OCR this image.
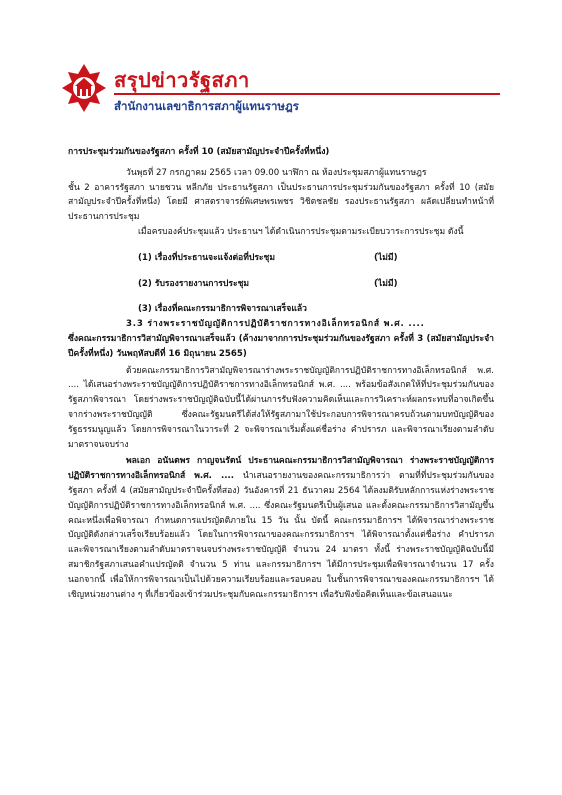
สรุปข่าวรัฐสภา
สำนักงานเลขาธิการสภาผู้แทนราษฎร

การประชุมร่วมกันของรัฐสภา ครั้งที่ 10 (สมัยสามัญประจำปีครั้งที่หนึ่ง)

วันพุธที่ 27 กรกฎาคม 2565 เวลา 09.00 นาฬิกา ณ ห้องประชุมสภาผู้แทนราษฎร

ชั้น 2 อาคารรัฐสภา นายชวน หลีกภัย ประธานรัฐสภา เป็นประธานการประชุมร่วมกันของรัฐสภา ครั้งที่ 10 (สมัยสามัญประจำปีครั้งที่หนึ่ง) โดยมี ศาสตราจารย์พิเศษพรเพชร วิชิตชลชัย รองประธานรัฐสภา ผลัดเปลี่ยนทำหน้าที่ประธานการประชุม

เมื่อครบองค์ประชุมแล้ว ประธานฯ ได้ดำเนินการประชุมตามระเบียบวาระการประชุม ดังนี้

(1) เรื่องที่ประธานจะแจ้งต่อที่ประชุม	(ไม่มี)

(2) รับรองรายงานการประชุม	(ไม่มี)

(3) เรื่องที่คณะกรรมาธิการพิจารณาเสร็จแล้ว

3.3 ร่างพระราชบัญญัติการปฏิบัติราชการทางอิเล็กทรอนิกส์ พ.ศ. ....

ซึ่งคณะกรรมาธิการวิสามัญพิจารณาเสร็จแล้ว (ค้างมาจากการประชุมร่วมกันของรัฐสภา ครั้งที่ 3 (สมัยสามัญประจำปีครั้งที่หนึ่ง) วันพฤหัสบดีที่ 16 มิถุนายน 2565)

ด้วยคณะกรรมาธิการวิสามัญพิจารณาร่างพระราชบัญญัติการปฏิบัติราชการทางอิเล็กทรอนิกส์ พ.ศ. .... ได้เสนอร่างพระราชบัญญัติการปฏิบัติราชการทางอิเล็กทรอนิกส์ พ.ศ. .... พร้อมข้อสังเกตให้ที่ประชุมร่วมกันของรัฐสภาพิจารณา โดยร่างพระราชบัญญัติฉบับนี้ได้ผ่านการรับฟังความคิดเห็นและการวิเคราะห์ผลกระทบที่อาจเกิดขึ้นจากร่างพระราชบัญญัติ ซึ่งคณะรัฐมนตรีได้ส่งให้รัฐสภามาใช้ประกอบการพิจารณาครบถ้วนตามบทบัญญัติของรัฐธรรมนูญแล้ว โดยการพิจารณาในวาระที่ 2 จะพิจารณาเริ่มตั้งแต่ชื่อร่าง คำปรารภ และพิจารณาเรียงตามลำดับมาตราจนจบร่าง

พลเอก อนันตพร กาญจนรัตน์ ประธานคณะกรรมาธิการวิสามัญพิจารณา ร่างพระราชบัญญัติการปฏิบัติราชการทางอิเล็กทรอนิกส์ พ.ศ. .... นำเสนอรายงานของคณะกรรมาธิการว่า ตามที่ที่ประชุมร่วมกันของรัฐสภา ครั้งที่ 4 (สมัยสามัญประจำปีครั้งที่สอง) วันอังคารที่ 21 ธันวาคม 2564 ได้ลงมติรับหลักการแห่งร่างพระราชบัญญัติการปฏิบัติราชการทางอิเล็กทรอนิกส์ พ.ศ. .... ซึ่งคณะรัฐมนตรีเป็นผู้เสนอ และตั้งคณะกรรมาธิการวิสามัญขึ้นคณะหนึ่งเพื่อพิจารณา กำหนดการแปรญัตติภายใน 15 วัน นั้น บัดนี้ คณะกรรมาธิการฯ ได้พิจารณาร่างพระราชบัญญัติดังกล่าวเสร็จเรียบร้อยแล้ว โดยในการพิจารณาของคณะกรรมาธิการฯ ได้พิจารณาตั้งแต่ชื่อร่าง คำปรารภ และพิจารณาเรียงตามลำดับมาตราจนจบร่างพระราชบัญญัติ จำนวน 24 มาตรา ทั้งนี้ ร่างพระราชบัญญัติฉบับนี้มีสมาชิกรัฐสภาเสนอคำแปรญัตติ จำนวน 5 ท่าน และกรรมาธิการฯ ได้มีการประชุมเพื่อพิจารณาจำนวน 17 ครั้ง นอกจากนี้ เพื่อให้การพิจารณาเป็นไปด้วยความเรียบร้อยและรอบคอบ ในชั้นการพิจารณาของคณะกรรมาธิการฯ ได้เชิญหน่วยงานต่าง ๆ ที่เกี่ยวข้องเข้าร่วมประชุมกับคณะกรรมาธิการฯ เพื่อรับฟังข้อคิดเห็นและข้อเสนอแนะ
